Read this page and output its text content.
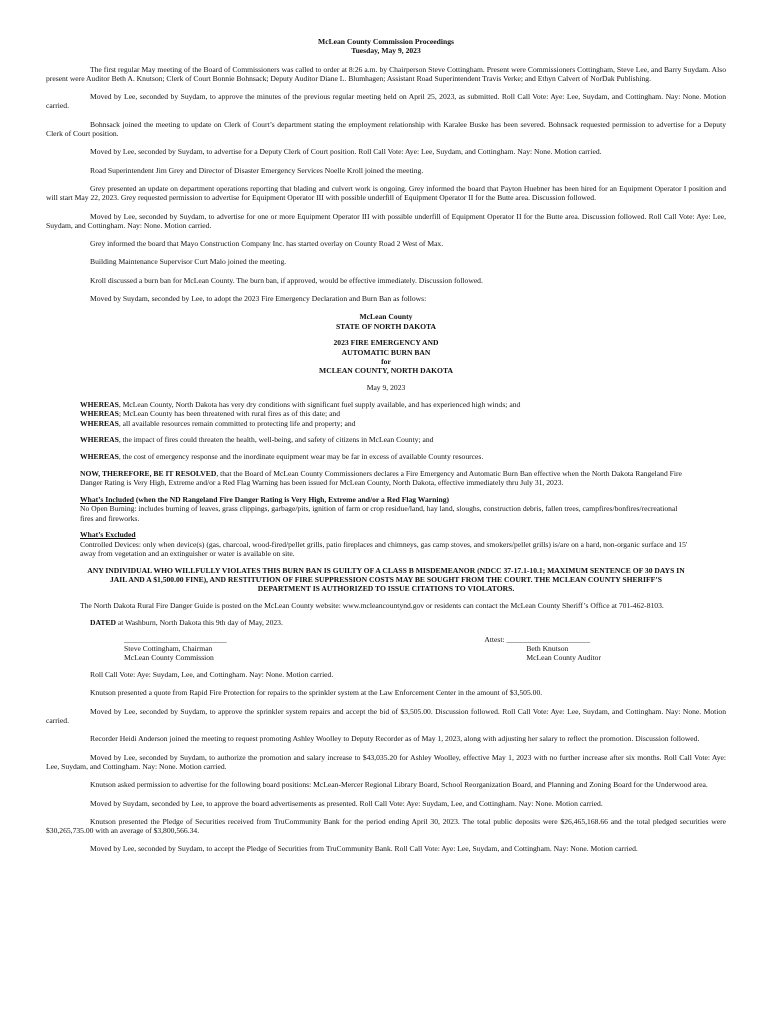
McLean County Commission Proceedings

Tuesday, May 9, 2023

The first regular May meeting of the Board of Commissioners was called to order at 8:26 a.m. by Chairperson Steve Cottingham. Present were Commissioners Cottingham, Steve Lee, and Barry Suydam. Also present were Auditor Beth A. Knutson; Clerk of Court Bonnie Bohnsack; Deputy Auditor Diane L. Blumhagen; Assistant Road Superintendent Travis Verke; and Ethyn Calvert of NorDak Publishing.

Moved by Lee, seconded by Suydam, to approve the minutes of the previous regular meeting held on April 25, 2023, as submitted. Roll Call Vote: Aye: Lee, Suydam, and Cottingham. Nay: None. Motion carried.

Bohnsack joined the meeting to update on Clerk of Court’s department stating the employment relationship with Karalee Buske has been severed. Bohnsack requested permission to advertise for a Deputy Clerk of Court position.

Moved by Lee, seconded by Suydam, to advertise for a Deputy Clerk of Court position. Roll Call Vote: Aye: Lee, Suydam, and Cottingham. Nay: None. Motion carried.

Road Superintendent Jim Grey and Director of Disaster Emergency Services Noelle Kroll joined the meeting.

Grey presented an update on department operations reporting that blading and culvert work is ongoing. Grey informed the board that Payton Huebner has been hired for an Equipment Operator I position and will start May 22, 2023. Grey requested permission to advertise for Equipment Operator III with possible underfill of Equipment Operator II for the Butte area. Discussion followed.

Moved by Lee, seconded by Suydam, to advertise for one or more Equipment Operator III with possible underfill of Equipment Operator II for the Butte area. Discussion followed. Roll Call Vote: Aye: Lee, Suydam, and Cottingham. Nay: None. Motion carried.

Grey informed the board that Mayo Construction Company Inc. has started overlay on County Road 2 West of Max.

Building Maintenance Supervisor Curt Malo joined the meeting.

Kroll discussed a burn ban for McLean County. The burn ban, if approved, would be effective immediately. Discussion followed.

Moved by Suydam, seconded by Lee, to adopt the 2023 Fire Emergency Declaration and Burn Ban as follows:

McLean County

STATE OF NORTH DAKOTA

2023 FIRE EMERGENCY AND

AUTOMATIC BURN BAN

for

MCLEAN COUNTY, NORTH DAKOTA

May 9, 2023

WHEREAS, McLean County, North Dakota has very dry conditions with significant fuel supply available, and has experienced high winds; and

WHEREAS; McLean County has been threatened with rural fires as of this date; and

WHEREAS, all available resources remain committed to protecting life and property; and

WHEREAS, the impact of fires could threaten the health, well-being, and safety of citizens in McLean County; and

WHEREAS, the cost of emergency response and the inordinate equipment wear may be far in excess of available County resources.

NOW, THEREFORE, BE IT RESOLVED, that the Board of McLean County Commissioners declares a Fire Emergency and Automatic Burn Ban effective when the North Dakota Rangeland Fire Danger Rating is Very High, Extreme and/or a Red Flag Warning has been issued for McLean County, North Dakota, effective immediately thru July 31, 2023.

What’s Included (when the ND Rangeland Fire Danger Rating is Very High, Extreme and/or a Red Flag Warning)

No Open Burning: includes burning of leaves, grass clippings, garbage/pits, ignition of farm or crop residue/land, hay land, sloughs, construction debris, fallen trees, campfires/bonfires/recreational fires and fireworks.

What’s Excluded

Controlled Devices: only when device(s) (gas, charcoal, wood-fired/pellet grills, patio fireplaces and chimneys, gas camp stoves, and smokers/pellet grills) is/are on a hard, non-organic surface and 15' away from vegetation and an extinguisher or water is available on site.

ANY INDIVIDUAL WHO WILLFULLY VIOLATES THIS BURN BAN IS GUILTY OF A CLASS B MISDEMEANOR (NDCC 37-17.1-10.1; MAXIMUM SENTENCE OF 30 DAYS IN JAIL AND A $1,500.00 FINE), AND RESTITUTION OF FIRE SUPPRESSION COSTS MAY BE SOUGHT FROM THE COURT. THE MCLEAN COUNTY SHERIFF’S DEPARTMENT IS AUTHORIZED TO ISSUE CITATIONS TO VIOLATORS.

The North Dakota Rural Fire Danger Guide is posted on the McLean County website: www.mcleancountynd.gov or residents can contact the McLean County Sheriff’s Office at 701-462-8103.

DATED at Washburn, North Dakota this 9th day of May, 2023.

___________________________

Steve Cottingham, Chairman

McLean County Commission

Attest: ______________________

Beth Knutson

McLean County Auditor

Roll Call Vote: Aye: Suydam, Lee, and Cottingham. Nay: None. Motion carried.

Knutson presented a quote from Rapid Fire Protection for repairs to the sprinkler system at the Law Enforcement Center in the amount of $3,505.00.

Moved by Lee, seconded by Suydam, to approve the sprinkler system repairs and accept the bid of $3,505.00. Discussion followed. Roll Call Vote: Aye: Lee, Suydam, and Cottingham. Nay: None. Motion carried.

Recorder Heidi Anderson joined the meeting to request promoting Ashley Woolley to Deputy Recorder as of May 1, 2023, along with adjusting her salary to reflect the promotion. Discussion followed.

Moved by Lee, seconded by Suydam, to authorize the promotion and salary increase to $43,035.20 for Ashley Woolley, effective May 1, 2023 with no further increase after six months. Roll Call Vote: Aye: Lee, Suydam, and Cottingham. Nay: None. Motion carried.

Knutson asked permission to advertise for the following board positions: McLean-Mercer Regional Library Board, School Reorganization Board, and Planning and Zoning Board for the Underwood area.

Moved by Suydam, seconded by Lee, to approve the board advertisements as presented. Roll Call Vote: Aye: Suydam, Lee, and Cottingham. Nay: None. Motion carried.

Knutson presented the Pledge of Securities received from TruCommunity Bank for the period ending April 30, 2023. The total public deposits were $26,465,168.66 and the total pledged securities were $30,265,735.00 with an average of $3,800,566.34.

Moved by Lee, seconded by Suydam, to accept the Pledge of Securities from TruCommunity Bank. Roll Call Vote: Aye: Lee, Suydam, and Cottingham. Nay: None. Motion carried.
